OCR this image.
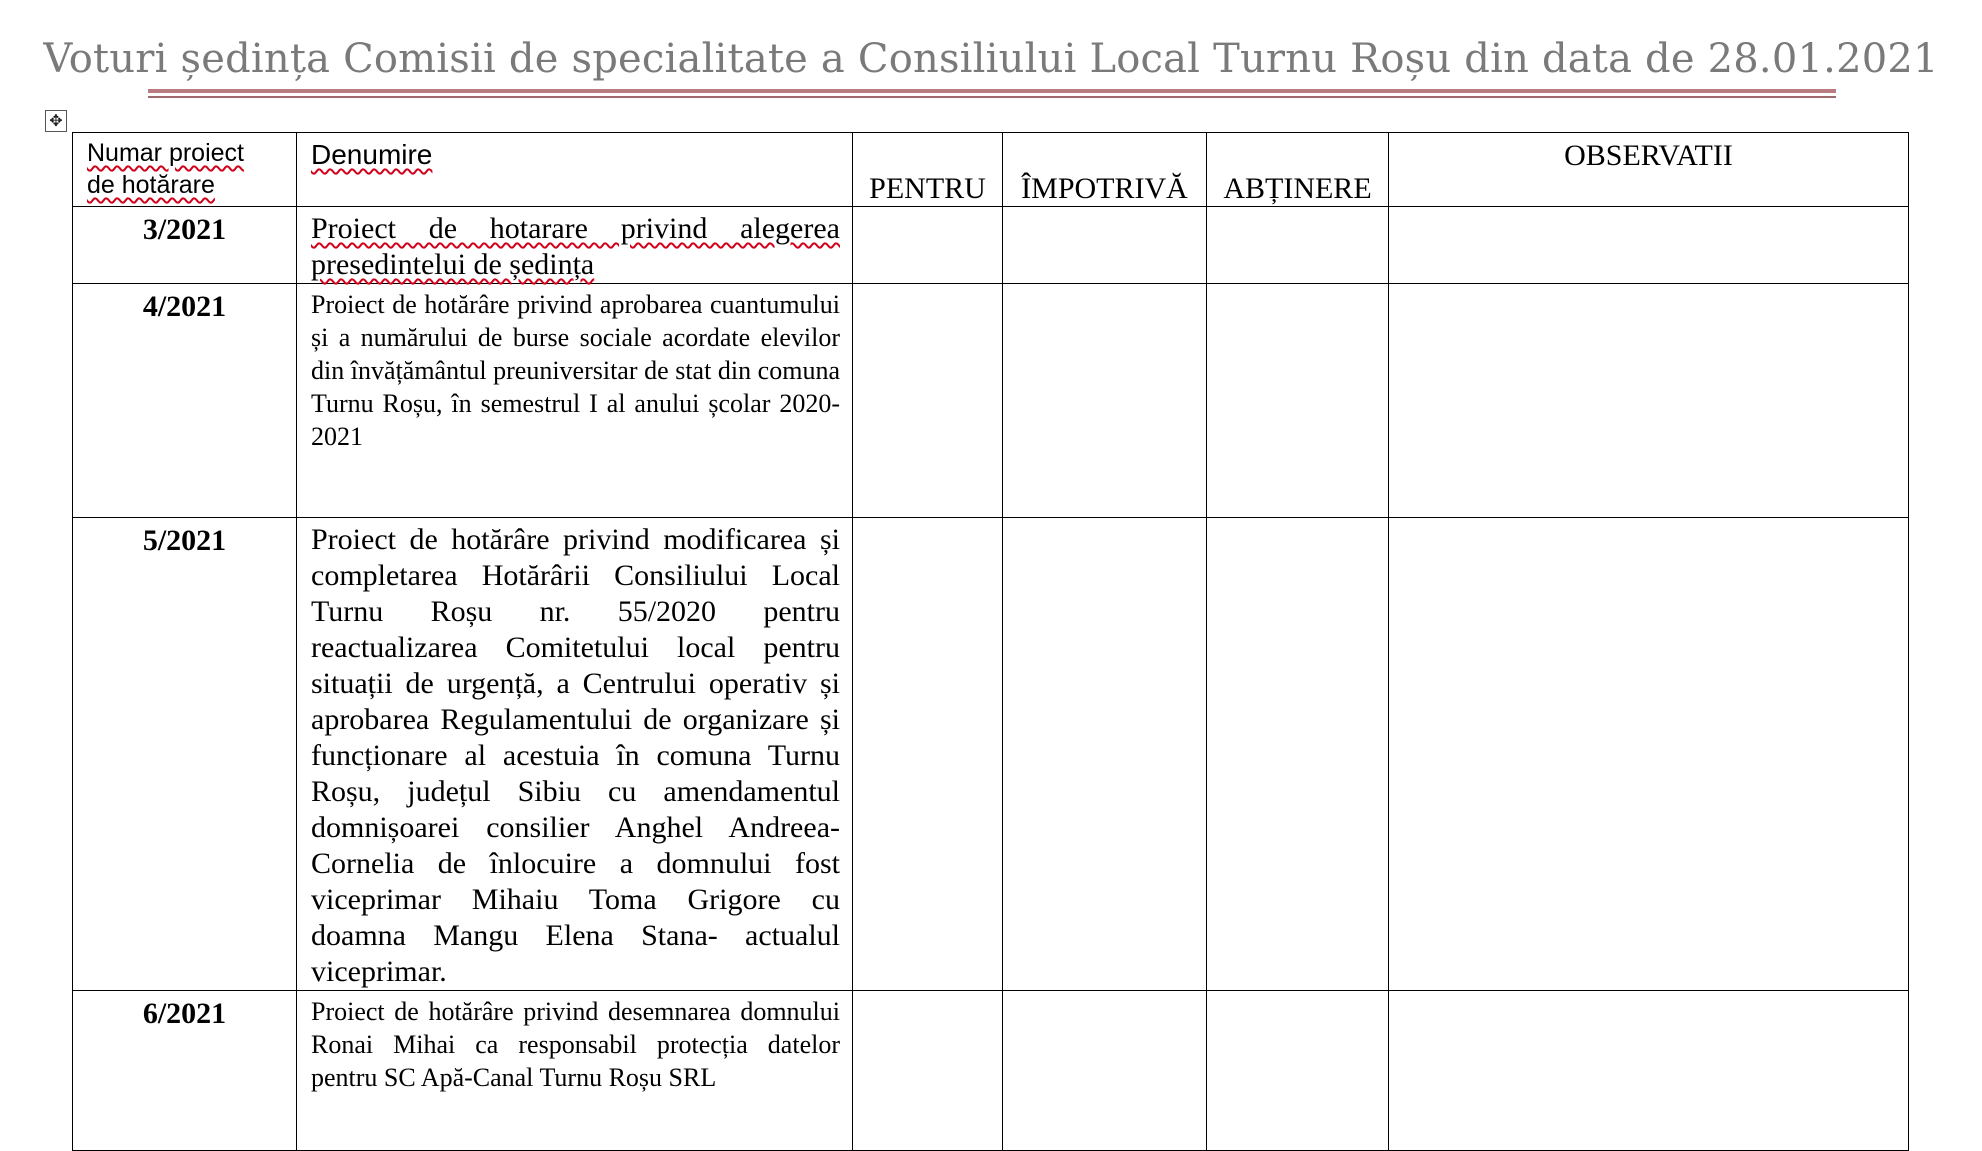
Voturi ședința Comisii de specialitate a Consiliului Local Turnu Roșu din data de 28.01.2021
✥
Numar proiect
de hotărare	Denumire	PENTRU	ÎMPOTRIVĂ	ABȚINERE	OBSERVATII
3/2021	Proiect de hotarare privind alegerea presedintelui de ședința				
4/2021	Proiect de hotărâre privind aprobarea cuantumului și a numărului de burse sociale acordate elevilor din învățământul preuniversitar de stat din comuna Turnu Roșu, în semestrul I al anului școlar 2020-2021				
5/2021	Proiect de hotărâre privind modificarea și completarea Hotărârii Consiliului Local Turnu Roșu nr. 55/2020 pentru reactualizarea Comitetului local pentru situații de urgență, a Centrului operativ și aprobarea Regulamentului de organizare și funcționare al acestuia în comuna Turnu Roșu, județul Sibiu cu amendamentul domnișoarei consilier Anghel Andreea-Cornelia de înlocuire a domnului fost viceprimar Mihaiu Toma Grigore cu doamna Mangu Elena Stana- actualul viceprimar.				
6/2021	Proiect de hotărâre privind desemnarea domnului Ronai Mihai ca responsabil protecția datelor pentru SC Apă-Canal Turnu Roșu SRL				
